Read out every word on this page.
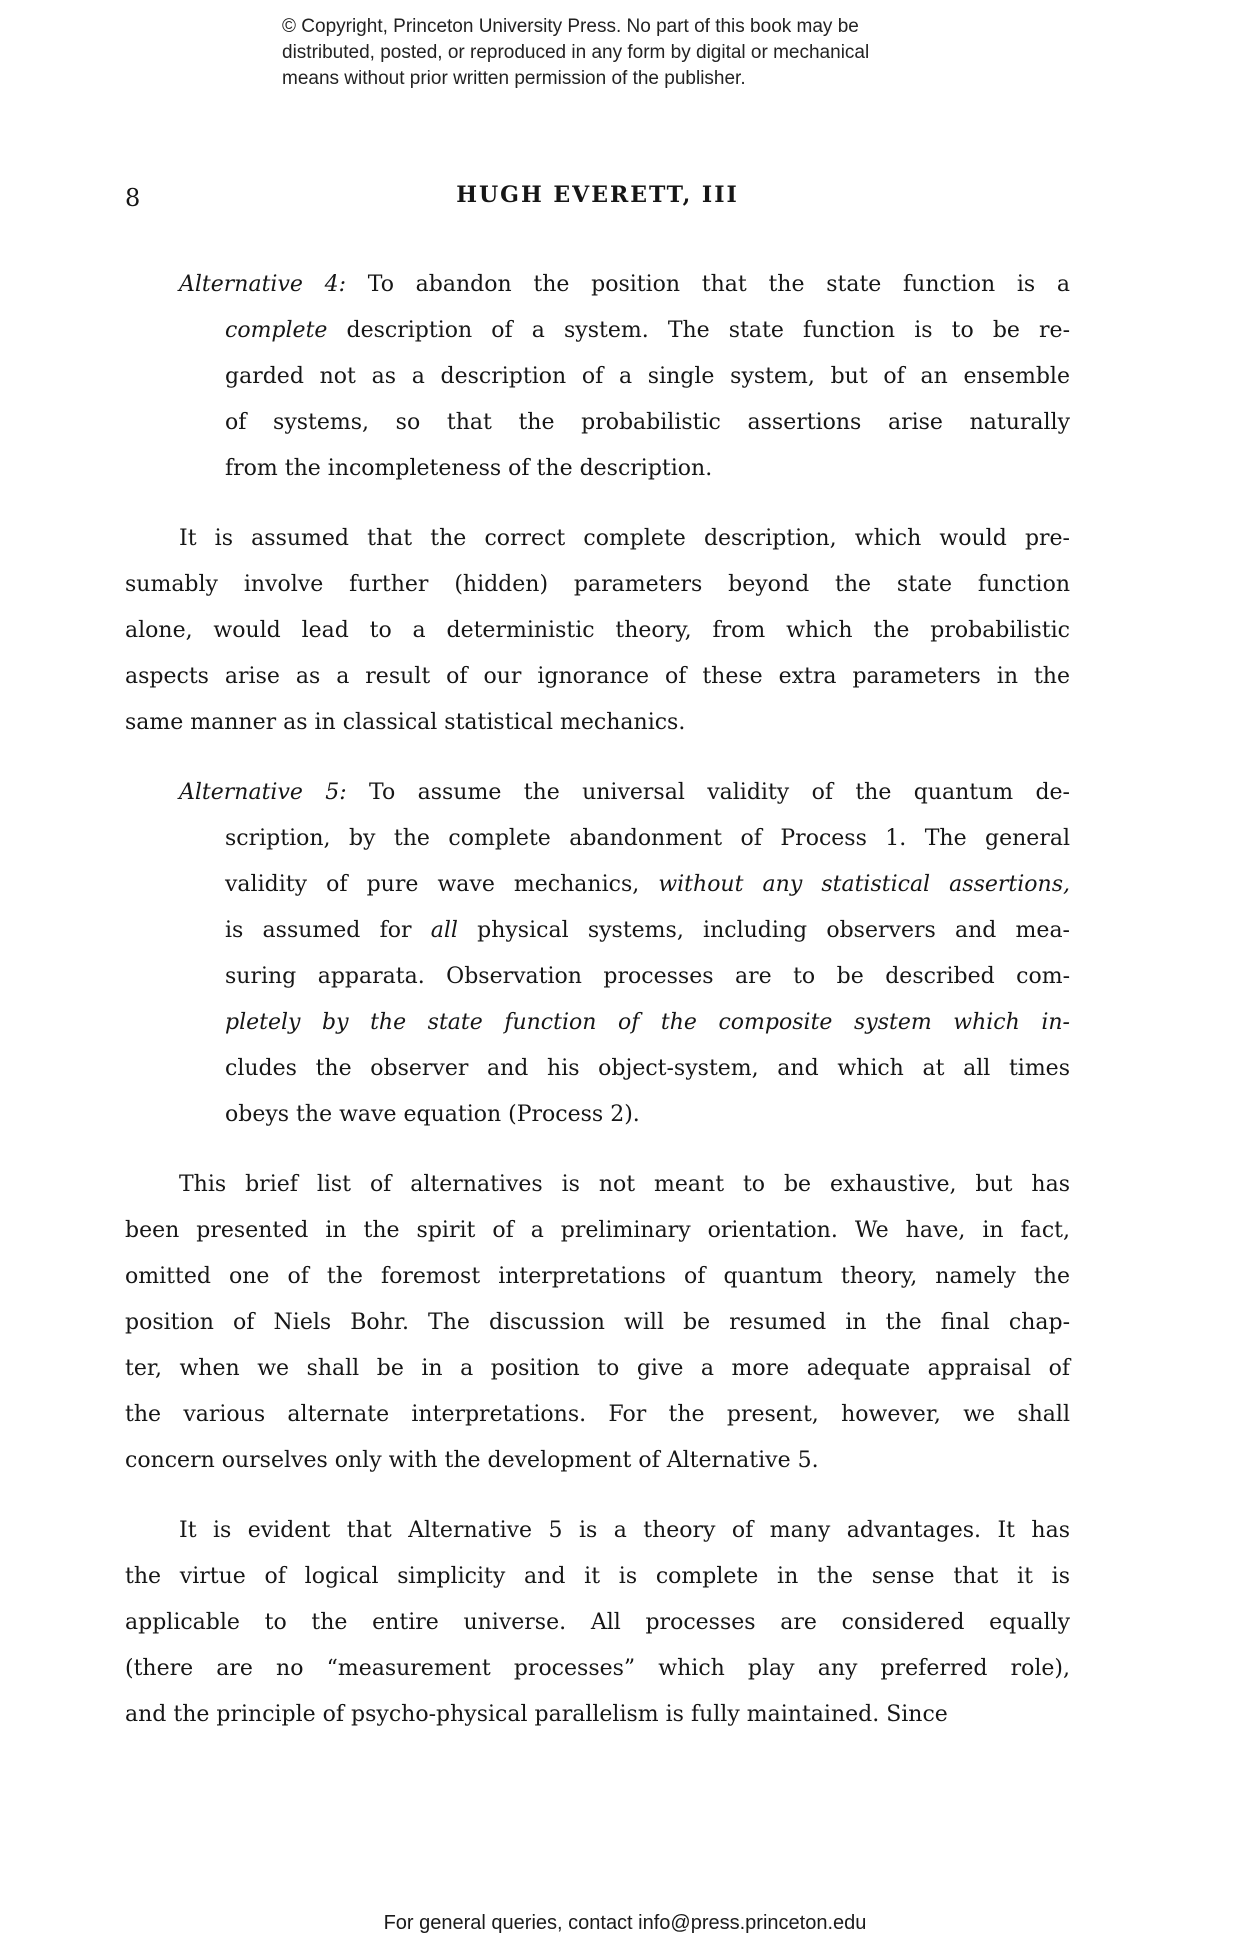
© Copyright, Princeton University Press. No part of this book may be
distributed, posted, or reproduced in any form by digital or mechanical
means without prior written permission of the publisher.
8	HUGH EVERETT, III
Alternative 4: To abandon the position that the state function is a
complete description of a system. The state function is to be re-
garded not as a description of a single system, but of an ensemble
of systems, so that the probabilistic assertions arise naturally
from the incompleteness of the description.
It is assumed that the correct complete description, which would pre-
sumably involve further (hidden) parameters beyond the state function
alone, would lead to a deterministic theory, from which the probabilistic
aspects arise as a result of our ignorance of these extra parameters in the
same manner as in classical statistical mechanics.
Alternative 5: To assume the universal validity of the quantum de-
scription, by the complete abandonment of Process 1. The general
validity of pure wave mechanics, without any statistical assertions,
is assumed for all physical systems, including observers and mea-
suring apparata. Observation processes are to be described com-
pletely by the state function of the composite system which in-
cludes the observer and his object-system, and which at all times
obeys the wave equation (Process 2).
This brief list of alternatives is not meant to be exhaustive, but has
been presented in the spirit of a preliminary orientation. We have, in fact,
omitted one of the foremost interpretations of quantum theory, namely the
position of Niels Bohr. The discussion will be resumed in the final chap-
ter, when we shall be in a position to give a more adequate appraisal of
the various alternate interpretations. For the present, however, we shall
concern ourselves only with the development of Alternative 5.
It is evident that Alternative 5 is a theory of many advantages. It has
the virtue of logical simplicity and it is complete in the sense that it is
applicable to the entire universe. All processes are considered equally
(there are no “measurement processes” which play any preferred role),
and the principle of psycho-physical parallelism is fully maintained. Since
For general queries, contact info@press.princeton.edu
